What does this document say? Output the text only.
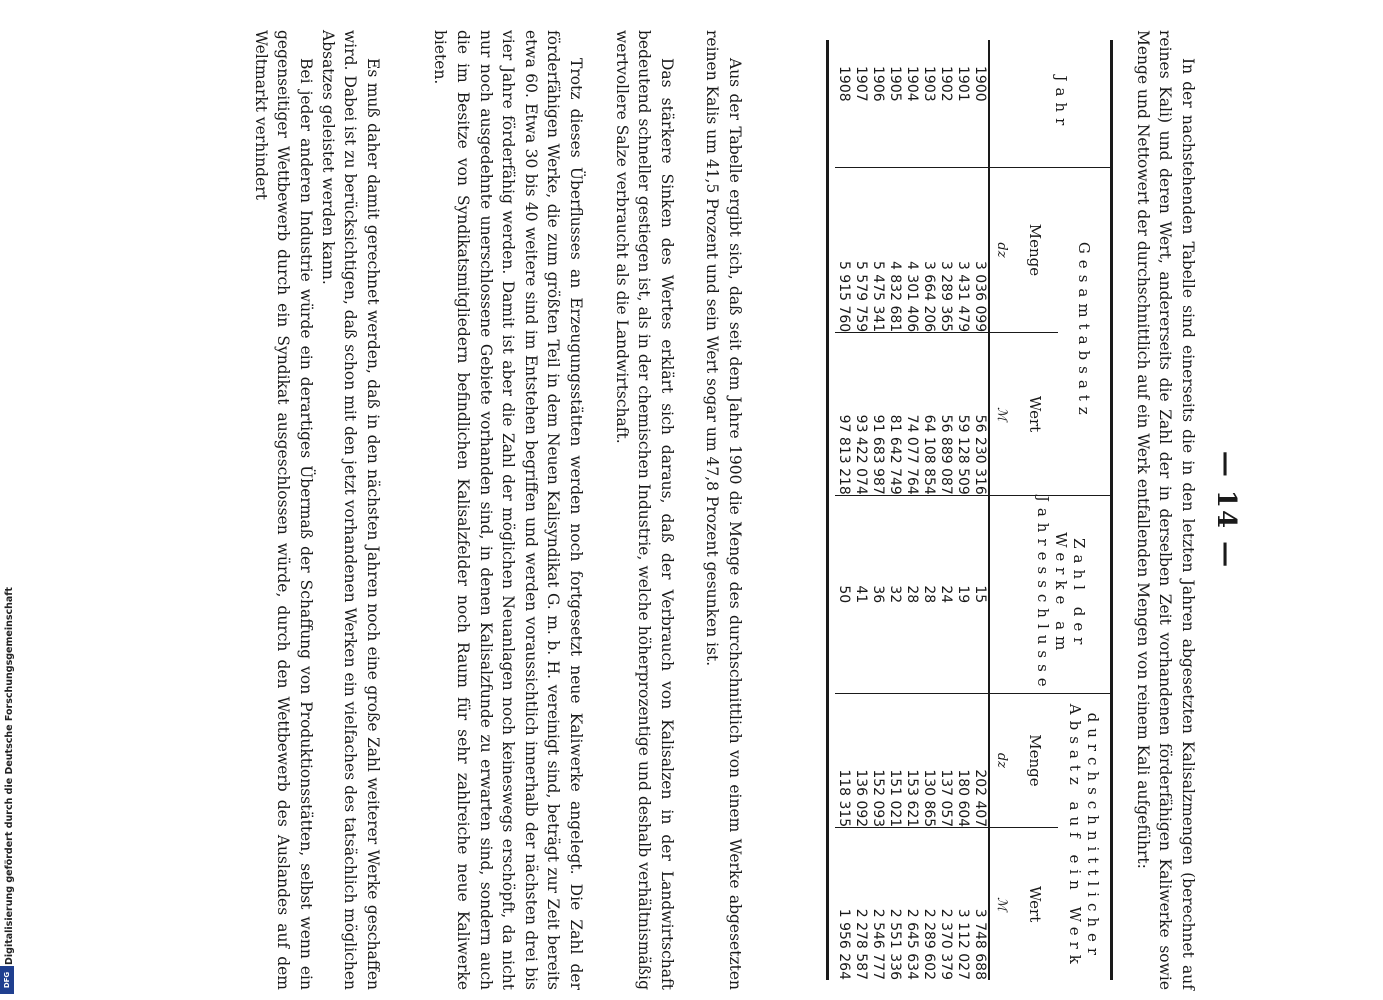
— 14 —

In der nachstehenden Tabelle sind einerseits die in den letzten Jahren abgesetzten Kalisalzmengen (berechnet auf reines Kali) und deren Wert, andererseits die Zahl der in derselben Zeit vorhandenen förderfähigen Kaliwerke sowie Menge und Nettowert der durchschnittlich auf ein Werk entfallenden Mengen von reinem Kali aufgeführt:

Jahr	Gesamtabsatz		Zahl der Werke am Jahresschlusse	durchschnittlicher Absatz auf ein Werk	
	Menge	Wert		Menge	Wert
	dz	ℳ		dz	ℳ

1900	3 036 099	56 230 316	15	202 407	3 748 688
1901	3 431 479	59 128 509	19	180 604	3 112 027
1902	3 289 365	56 889 087	24	137 057	2 370 379
1903	3 664 206	64 108 854	28	130 865	2 289 602
1904	4 301 406	74 077 764	28	153 621	2 645 634
1905	4 832 681	81 642 749	32	151 021	2 551 336
1906	5 475 341	91 683 987	36	152 093	2 546 777
1907	5 579 759	93 422 074	41	136 092	2 278 587
1908	5 915 760	97 813 218	50	118 315	1 956 264

Aus der Tabelle ergibt sich, daß seit dem Jahre 1900 die Menge des durchschnittlich von einem Werke abgesetzten reinen Kalis um 41,5 Prozent und sein Wert sogar um 47,8 Prozent gesunken ist.

Das stärkere Sinken des Wertes erklärt sich daraus, daß der Verbrauch von Kalisalzen in der Landwirtschaft bedeutend schneller gestiegen ist, als in der chemischen Industrie, welche höherprozentige und deshalb verhältnismäßig wertvollere Salze verbraucht als die Landwirtschaft.

Trotz dieses Überflusses an Erzeugungsstätten werden noch fortgesetzt neue Kaliwerke angelegt. Die Zahl der förderfähigen Werke, die zum größten Teil in dem Neuen Kalisyndikat G. m. b. H. vereinigt sind, beträgt zur Zeit bereits etwa 60. Etwa 30 bis 40 weitere sind im Entstehen begriffen und werden voraussichtlich innerhalb der nächsten drei bis vier Jahre förderfähig werden. Damit ist aber die Zahl der möglichen Neuanlagen noch keineswegs erschöpft, da nicht nur noch ausgedehnte unerschlossene Gebiete vorhanden sind, in denen Kalisalzfunde zu erwarten sind, sondern auch die im Besitze von Syndikatsmitgliedern befindlichen Kalisalzfelder noch Raum für sehr zahlreiche neue Kaliwerke bieten.

Es muß daher damit gerechnet werden, daß in den nächsten Jahren noch eine große Zahl weiterer Werke geschaffen wird. Dabei ist zu berücksichtigen, daß schon mit den jetzt vorhandenen Werken ein vielfaches des tatsächlich möglichen Absatzes geleistet werden kann.

Bei jeder anderen Industrie würde ein derartiges Übermaß der Schaffung von Produktionsstätten, selbst wenn ein gegenseitiger Wettbewerb durch ein Syndikat ausgeschlossen würde, durch den Wettbewerb des Auslandes auf dem Weltmarkt verhindert

Digitalisierung gefördert durch die Deutsche Forschungsgemeinschaft
DFG
